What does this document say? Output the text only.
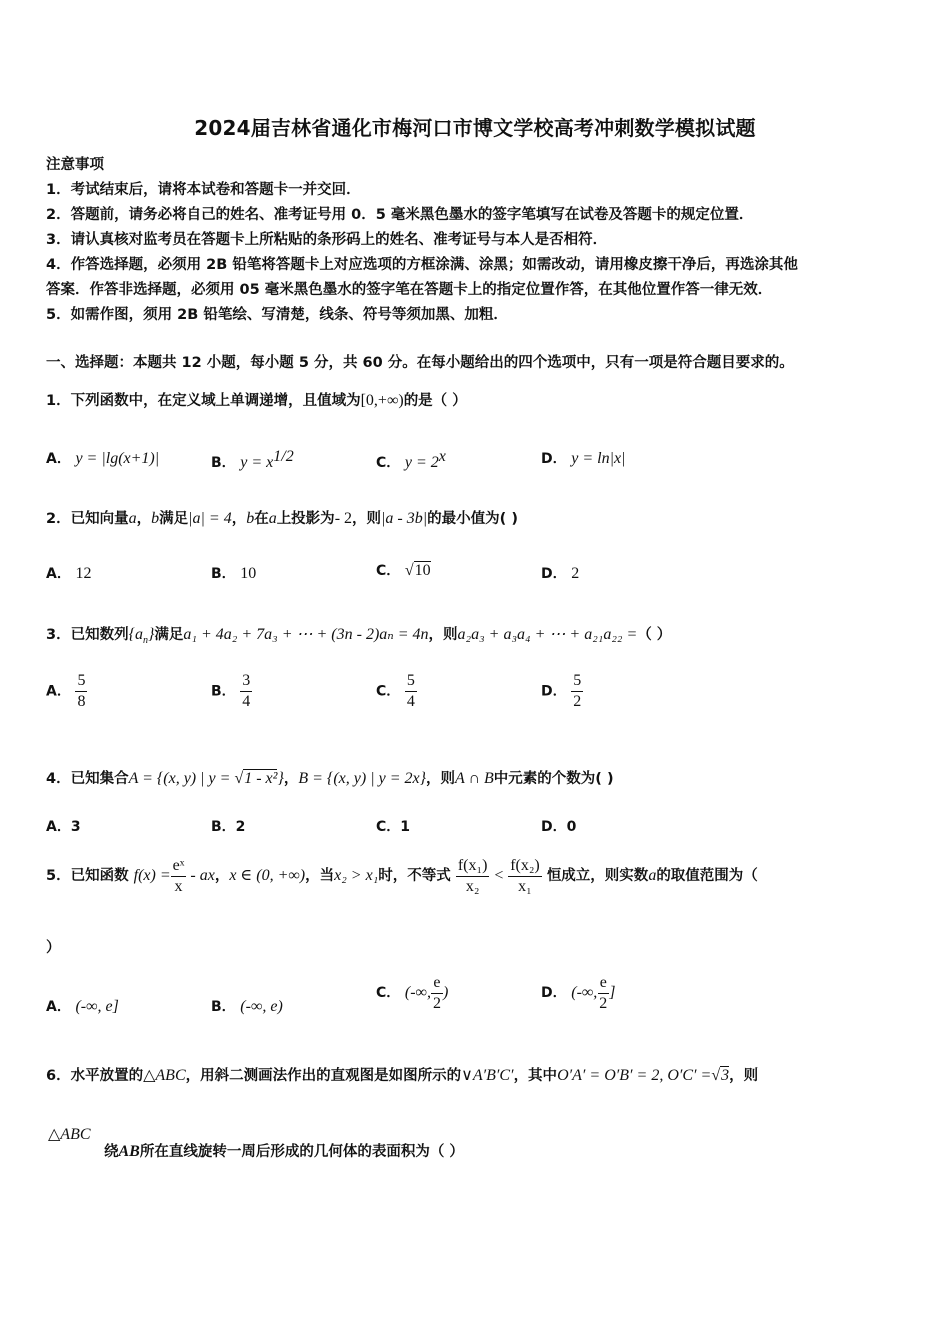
2024届吉林省通化市梅河口市博文学校高考冲刺数学模拟试题
注意事项
1．考试结束后，请将本试卷和答题卡一并交回．
2．答题前，请务必将自己的姓名、准考证号用 0．5 毫米黑色墨水的签字笔填写在试卷及答题卡的规定位置．
3．请认真核对监考员在答题卡上所粘贴的条形码上的姓名、准考证号与本人是否相符．
4．作答选择题，必须用 2B 铅笔将答题卡上对应选项的方框涂满、涂黑；如需改动，请用橡皮擦干净后，再选涂其他
答案．作答非选择题，必须用 05 毫米黑色墨水的签字笔在答题卡上的指定位置作答，在其他位置作答一律无效．
5．如需作图，须用 2B 铅笔绘、写清楚，线条、符号等须加黑、加粗．
一、选择题：本题共 12 小题，每小题 5 分，共 60 分。在每小题给出的四个选项中，只有一项是符合题目要求的。
1．下列函数中，在定义域上单调递增，且值域为[0,+∞)的是（ ）
A． y = |lg(x+1)|	B． $y = x^{1/2}$	C． $y = 2^x$	D． y = ln|x|
2．已知向量a，b满足|a| = 4，b在a上投影为- 2，则|a - 3b|的最小值为( )
A． 12	B． 10	C． √10	D． 2
3．已知数列$\{a_n\}$满足a₁ + 4a₂ + 7a₃ + ⋯ + (3n - 2)aₙ = 4n，则a₂a₃ + a₃a₄ + ⋯ + a₂₁a₂₂ =（ ）
A． $\frac{5}{8}$	B． $\frac{3}{4}$	C． $\frac{5}{4}$	D． $\frac{5}{2}$
4．已知集合A = {(x, y) | y = √1 - x²}，B = {(x, y) | y = 2x}，则A ∩ B中元素的个数为( )
A．3	B．2	C．1	D．0
5．已知函数 $f(x) = \frac{\text{eˣ}}{x}$ - ax，x ∈ (0, +∞)，当x₂ > x₁时，不等式 $\frac{\text{f(x₁)}}{\text{x₂}} < \frac{\text{f(x₂)}}{\text{x₁}}$ 恒成立，则实数a的取值范围为（
）
A． (-∞, e]	B． (-∞, e)
C． (-∞, $\frac{e}{2}$ )	D． (-∞, $\frac{e}{2}$ ]
6．水平放置的△ABC，用斜二测画法作出的直观图是如图所示的∨A′B′C′，其中O′A′ = O′B′ = 2, O′C′ =√3，则
△ABC
绕AB所在直线旋转一周后形成的几何体的表面积为（ ）
